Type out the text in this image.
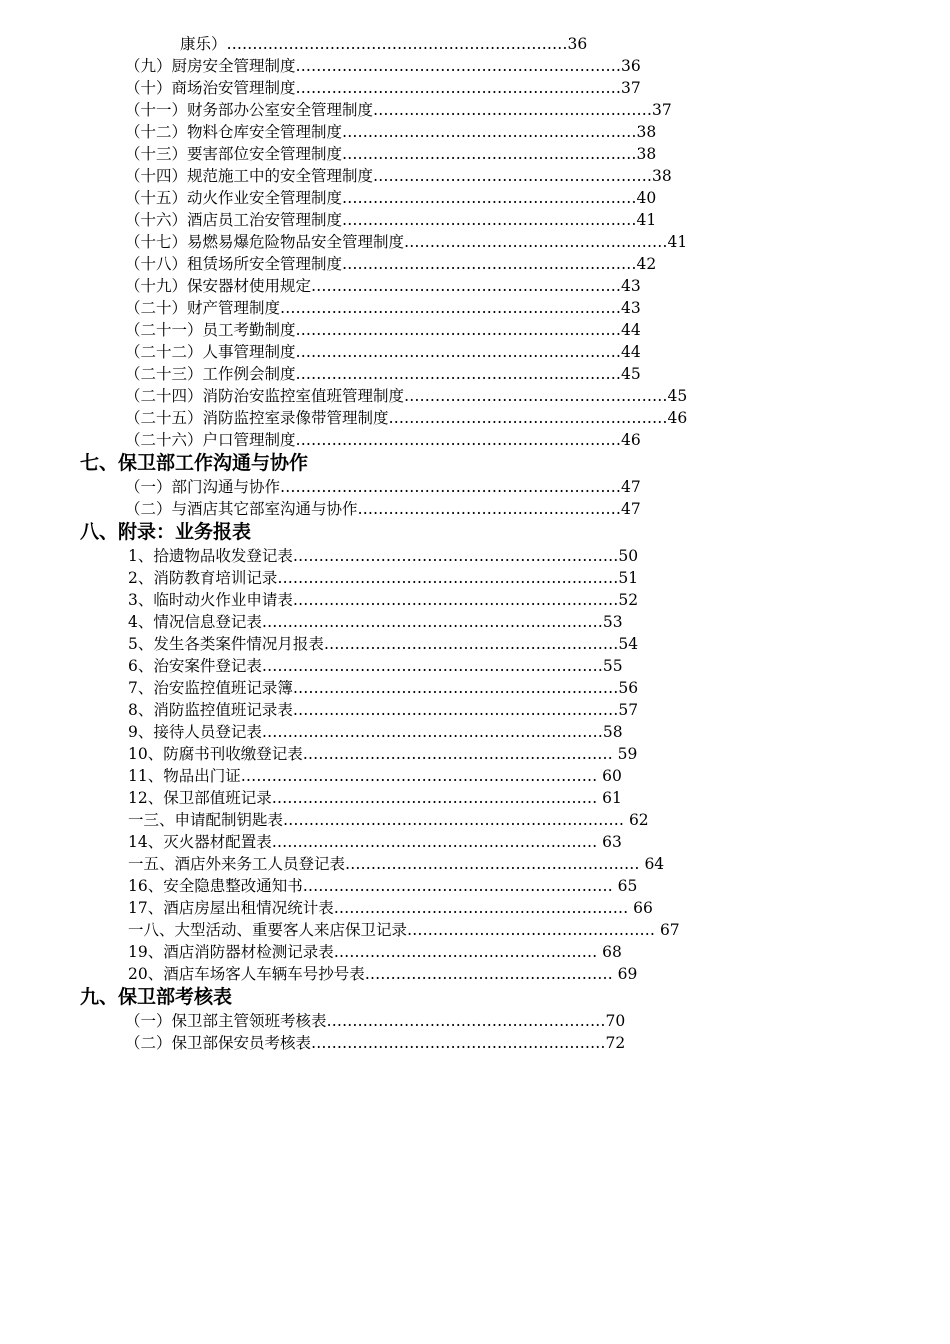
康乐）…………………………………………………………36
（九）厨房安全管理制度………………………………………………………36
（十）商场治安管理制度………………………………………………………37
（十一）财务部办公室安全管理制度………………………………………………37
（十二）物料仓库安全管理制度…………………………………………………38
（十三）要害部位安全管理制度…………………………………………………38
（十四）规范施工中的安全管理制度………………………………………………38
（十五）动火作业安全管理制度…………………………………………………40
（十六）酒店员工治安管理制度…………………………………………………41
（十七）易燃易爆危险物品安全管理制度……………………………………………41
（十八）租赁场所安全管理制度…………………………………………………42
（十九）保安器材使用规定……………………………………………………43
（二十）财产管理制度…………………………………………………………43
（二十一）员工考勤制度………………………………………………………44
（二十二）人事管理制度………………………………………………………44
（二十三）工作例会制度………………………………………………………45
（二十四）消防治安监控室值班管理制度……………………………………………45
（二十五）消防监控室录像带管理制度………………………………………………46
（二十六）户口管理制度………………………………………………………46
七、保卫部工作沟通与协作
（一）部门沟通与协作…………………………………………………………47
（二）与酒店其它部室沟通与协作……………………………………………47
八、附录：业务报表
1、拾遗物品收发登记表………………………………………………………50
2、消防教育培训记录…………………………………………………………51
3、临时动火作业申请表………………………………………………………52
4、情况信息登记表…………………………………………………………53
5、发生各类案件情况月报表…………………………………………………54
6、治安案件登记表…………………………………………………………55
7、治安监控值班记录簿………………………………………………………56
8、消防监控值班记录表………………………………………………………57
9、接待人员登记表…………………………………………………………58
10、防腐书刊收缴登记表…………………………………………………… 59
11、物品出门证…………………………………………………………… 60
12、保卫部值班记录……………………………………………………… 61
一三、申请配制钥匙表………………………………………………………… 62
14、灭火器材配置表……………………………………………………… 63
一五、酒店外来务工人员登记表………………………………………………… 64
16、安全隐患整改通知书…………………………………………………… 65
17、酒店房屋出租情况统计表………………………………………………… 66
一八、大型活动、重要客人来店保卫记录………………………………………… 67
19、酒店消防器材检测记录表…………………………………………… 68
20、酒店车场客人车辆车号抄号表………………………………………… 69
九、保卫部考核表
（一）保卫部主管领班考核表………………………………………………70
（二）保卫部保安员考核表…………………………………………………72
